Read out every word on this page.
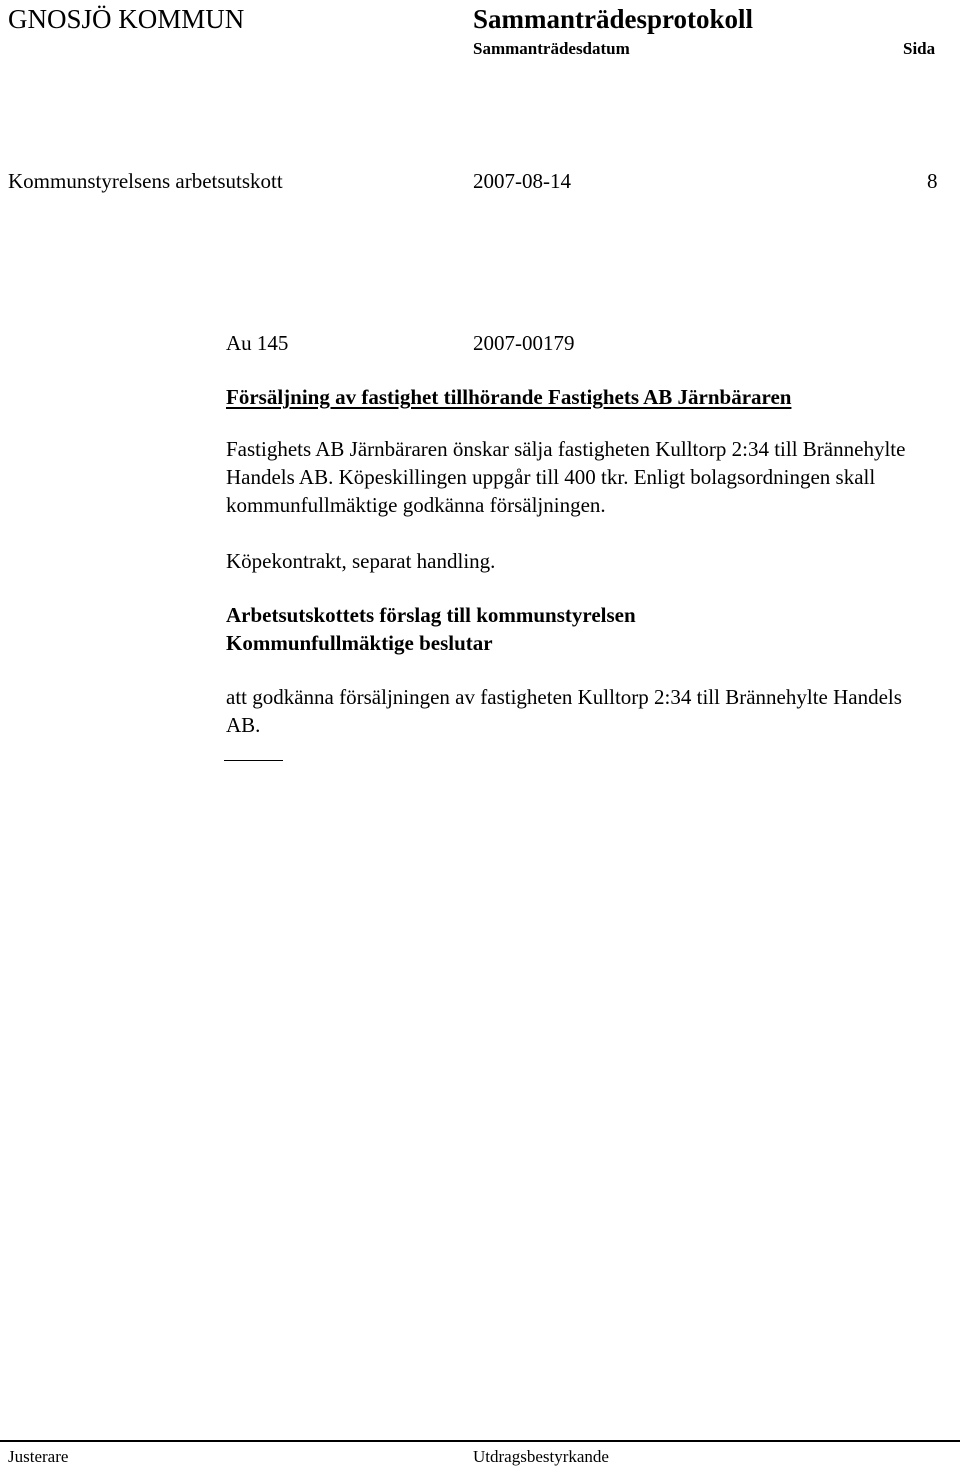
GNOSJÖ KOMMUN	Sammanträdesprotokoll
Sammanträdesdatum	Sida
Kommunstyrelsens arbetsutskott	2007-08-14	8
Au 145	2007-00179
Försäljning av fastighet tillhörande Fastighets AB Järnbäraren
Fastighets AB Järnbäraren önskar sälja fastigheten Kulltorp 2:34 till Brännehylte Handels AB. Köpeskillingen uppgår till 400 tkr. Enligt bolagsordningen skall kommunfullmäktige godkänna försäljningen.
Köpekontrakt, separat handling.
Arbetsutskottets förslag till kommunstyrelsen
Kommunfullmäktige beslutar
att godkänna försäljningen av fastigheten Kulltorp 2:34 till Brännehylte Handels AB.
Justerare	Utdragsbestyrkande
